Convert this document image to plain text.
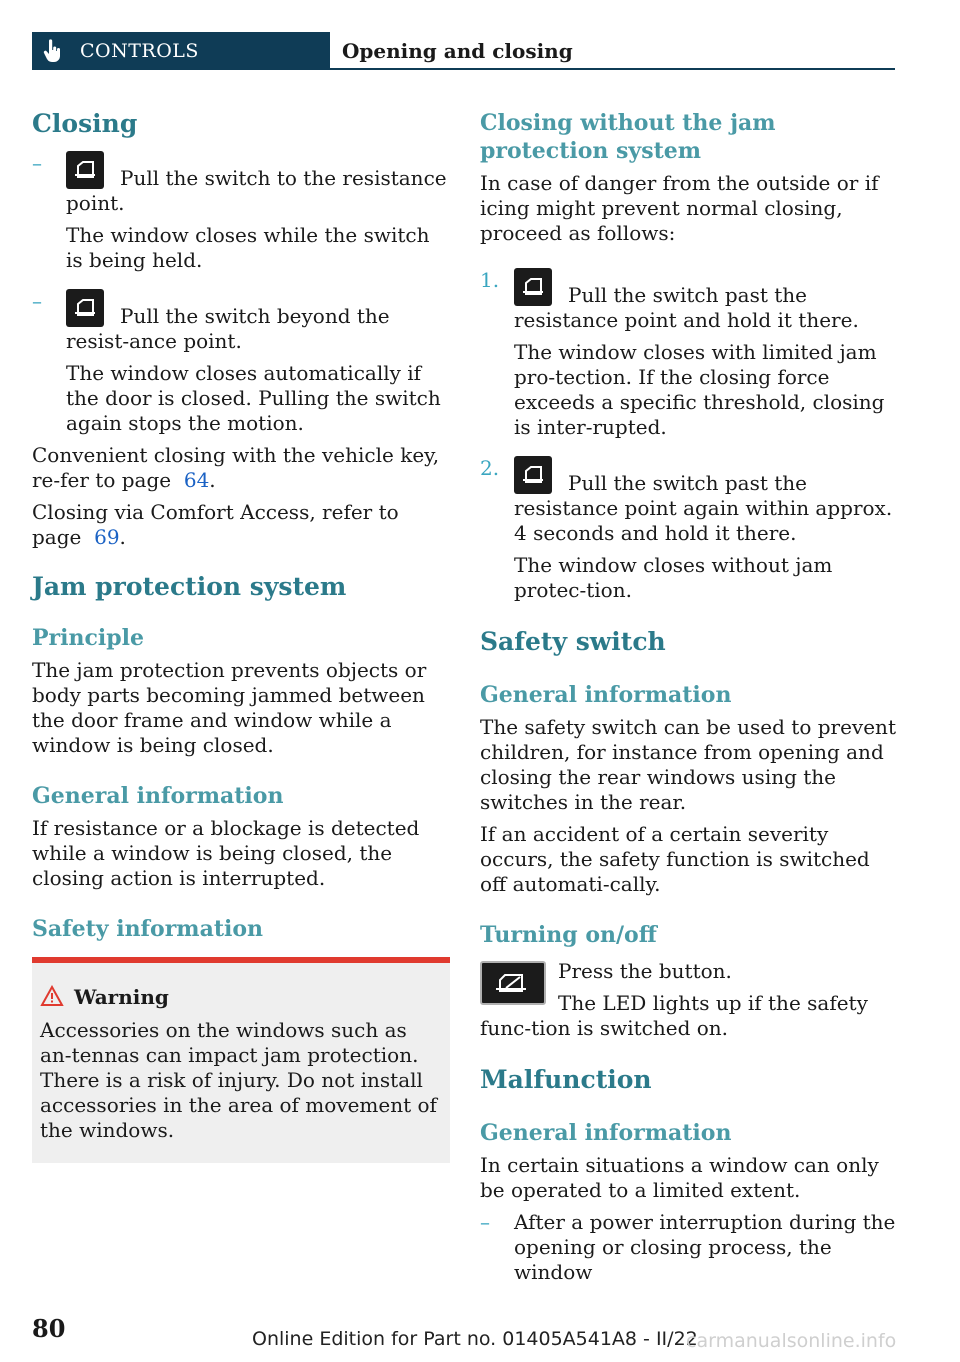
CONTROLS	Opening and closing
Closing
–

Pull the switch to the resistance point.

The window closes while the switch is being held.

–

Pull the switch beyond the resist-ance point.

The window closes automatically if the door is closed. Pulling the switch again stops the motion.

Convenient closing with the vehicle key, re-fer to page 64.

Closing via Comfort Access, refer to page 69.

Jam protection system
Principle

The jam protection prevents objects or body parts becoming jammed between the door frame and window while a window is being closed.

General information

If resistance or a blockage is detected while a window is being closed, the closing action is interrupted.

Safety information

Warning

Accessories on the windows such as an-tennas can impact jam protection. There is a risk of injury. Do not install accessories in the area of movement of the windows.

Closing without the jam protection system

In case of danger from the outside or if icing might prevent normal closing, proceed as follows:

1.

Pull the switch past the resistance point and hold it there.

The window closes with limited jam pro-tection. If the closing force exceeds a specific threshold, closing is inter-rupted.

2.

Pull the switch past the resistance point again within approx. 4 seconds and hold it there.

The window closes without jam protec-tion.

Safety switch
General information

The safety switch can be used to prevent children, for instance from opening and closing the rear windows using the switches in the rear.

If an accident of a certain severity occurs, the safety function is switched off automati-cally.

Turning on/off

Press the button.

The LED lights up if the safety func-tion is switched on.

Malfunction
General information

In certain situations a window can only be operated to a limited extent.

– After a power interruption during the opening or closing process, the window

80	Online Edition for Part no. 01405A541A8 - II/22
carmanualsonline.info
